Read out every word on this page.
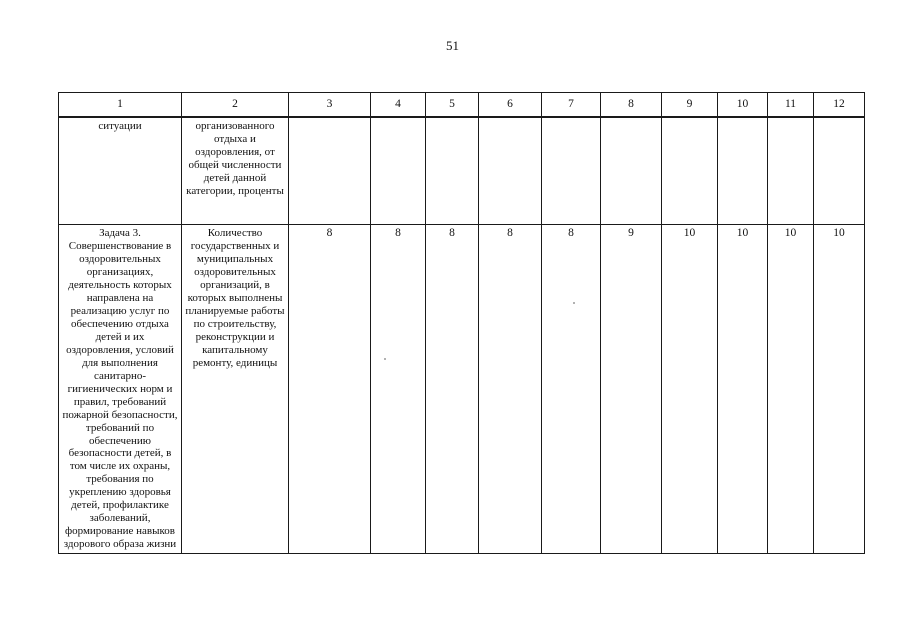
51
1	2	3	4	5	6	7	8	9	10	11	12
ситуации	организованного отдыха и оздоровления, от общей численности детей данной категории, проценты										
Задача 3. Совершенствование в оздоровительных организациях, деятельность которых направлена на реализацию услуг по обеспечению отдыха детей и их оздоровления, условий для выполнения санитарно-гигиенических норм и правил, требований пожарной безопасности, требований по обеспечению безопасности детей, в том числе их охраны, требования по укреплению здоровья детей, профилактике заболеваний, формирование навыков здорового образа жизни	Количество государственных и муниципальных оздоровительных организаций, в которых выполнены планируемые работы по строительству, реконструкции и капитальному ремонту, единицы	8	8	8	8	8	9	10	10	10	10
